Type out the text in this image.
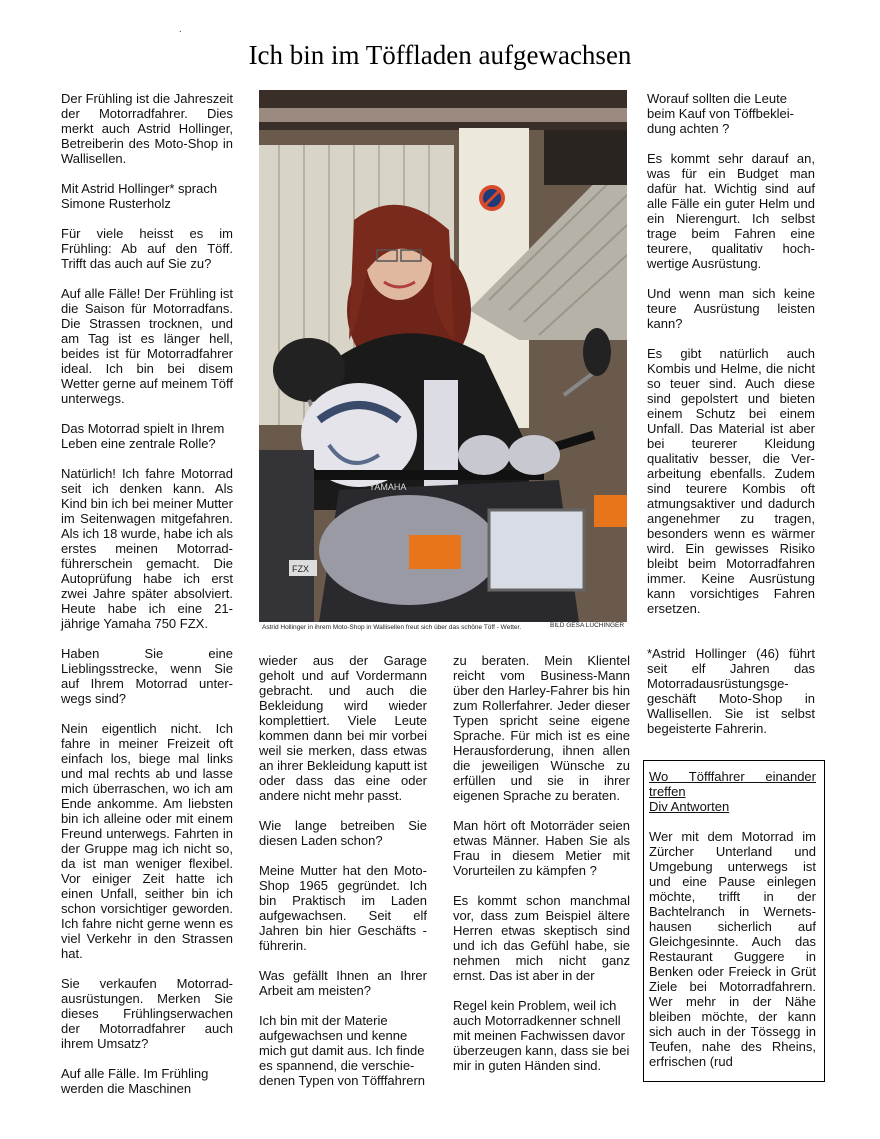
.
Ich bin im Töffladen aufgewachsen

Der Frühling ist die Jahreszeit der Motorradfahrer. Dies merkt auch Astrid Hollinger, Betreiberin des Moto-Shop in Wallisellen.

Mit Astrid Hollinger* sprach Simone Rusterholz

Für viele heisst es im Frühling: Ab auf den Töff. Trifft das auch auf Sie zu?

Auf alle Fälle! Der Frühling ist die Saison für Motorradfans. Die Strassen trocknen, und am Tag ist es länger hell, beides ist für Motorradfahrer ideal. Ich bin bei disem Wetter gerne auf meinem Töff unterwegs.

Das Motorrad spielt in Ihrem Leben eine zentrale Rolle?

Natürlich! Ich fahre Motorrad seit ich denken kann. Als Kind bin ich bei meiner Mutter im Seitenwagen mitgefahren. Als ich 18 wurde, habe ich als erstes meinen Motorrad-führerschein gemacht. Die Autoprüfung habe ich erst zwei Jahre später absolviert. Heute habe ich eine 21-jährige Yamaha 750 FZX.

Haben Sie eine Lieblingsstrecke, wenn Sie auf Ihrem Motorrad unter-wegs sind?

Nein eigentlich nicht. Ich fahre in meiner Freizeit oft einfach los, biege mal links und mal rechts ab und lasse mich überraschen, wo ich am Ende ankomme. Am liebsten bin ich alleine oder mit einem Freund unterwegs. Fahrten in der Gruppe mag ich nicht so, da ist man weniger flexibel. Vor einiger Zeit hatte ich einen Unfall, seither bin ich schon vorsichtiger geworden. Ich fahre nicht gerne wenn es viel Verkehr in den Strassen hat.

Sie verkaufen Motorrad-ausrüstungen. Merken Sie dieses Frühlingserwachen der Motorradfahrer auch ihrem Umsatz?

Auf alle Fälle. Im Frühling werden die Maschinen

FZX
YAMAHA
Astrid Hollinger in ihrem Moto-Shop in Wallisellen freut sich über das schöne Töff - Wetter.	BILD GESA LÜCHINGER

wieder aus der Garage geholt und auf Vordermann gebracht. und auch die Bekleidung wird wieder komplettiert. Viele Leute kommen dann bei mir vorbei weil sie merken, dass etwas an ihrer Bekleidung kaputt ist oder dass das eine oder andere nicht mehr passt.

Wie lange betreiben Sie diesen Laden schon?

Meine Mutter hat den Moto-Shop 1965 gegründet. Ich bin Praktisch im Laden aufgewachsen. Seit elf Jahren bin hier Geschäfts -führerin.

Was gefällt Ihnen an Ihrer Arbeit am meisten?

Ich bin mit der Materie aufgewachsen und kenne mich gut damit aus. Ich finde es spannend, die verschie-denen Typen von Töfffahrern

zu beraten. Mein Klientel reicht vom Business-Mann über den Harley-Fahrer bis hin zum Rollerfahrer. Jeder dieser Typen spricht seine eigene Sprache. Für mich ist es eine Herausforderung, ihnen allen die jeweiligen Wünsche zu erfüllen und sie in ihrer eigenen Sprache zu beraten.

Man hört oft Motorräder seien etwas Männer. Haben Sie als Frau in diesem Metier mit Vorurteilen zu kämpfen ?

Es kommt schon manchmal vor, dass zum Beispiel ältere Herren etwas skeptisch sind und ich das Gefühl habe, sie nehmen mich nicht ganz ernst. Das ist aber in der

Regel kein Problem, weil ich auch Motorradkenner schnell mit meinen Fachwissen davor überzeugen kann, dass sie bei mir in guten Händen sind.

Worauf sollten die Leute beim Kauf von Töffbeklei-dung achten ?

Es kommt sehr darauf an, was für ein Budget man dafür hat. Wichtig sind auf alle Fälle ein guter Helm und ein Nierengurt. Ich selbst trage beim Fahren eine teurere, qualitativ hoch-wertige Ausrüstung.

Und wenn man sich keine teure Ausrüstung leisten kann?

Es gibt natürlich auch Kombis und Helme, die nicht so teuer sind. Auch diese sind gepolstert und bieten einem Schutz bei einem Unfall. Das Material ist aber bei teurerer Kleidung qualitativ besser, die Ver-arbeitung ebenfalls. Zudem sind teurere Kombis oft atmungsaktiver und dadurch angenehmer zu tragen, besonders wenn es wärmer wird. Ein gewisses Risiko bleibt beim Motorradfahren immer. Keine Ausrüstung kann vorsichtiges Fahren ersetzen.

*Astrid Hollinger (46) führt seit elf Jahren das Motorradausrüstungsge-geschäft Moto-Shop in Wallisellen. Sie ist selbst begeisterte Fahrerin.

Wo Töfffahrer einander treffen
Div Antworten

Wer mit dem Motorrad im Zürcher Unterland und Umgebung unterwegs ist und eine Pause einlegen möchte, trifft in der Bachtelranch in Wernets-hausen sicherlich auf Gleichgesinnte. Auch das Restaurant Guggere in Benken oder Freieck in Grüt Ziele bei Motorradfahrern. Wer mehr in der Nähe bleiben möchte, der kann sich auch in der Tössegg in Teufen, nahe des Rheins, erfrischen (rud
